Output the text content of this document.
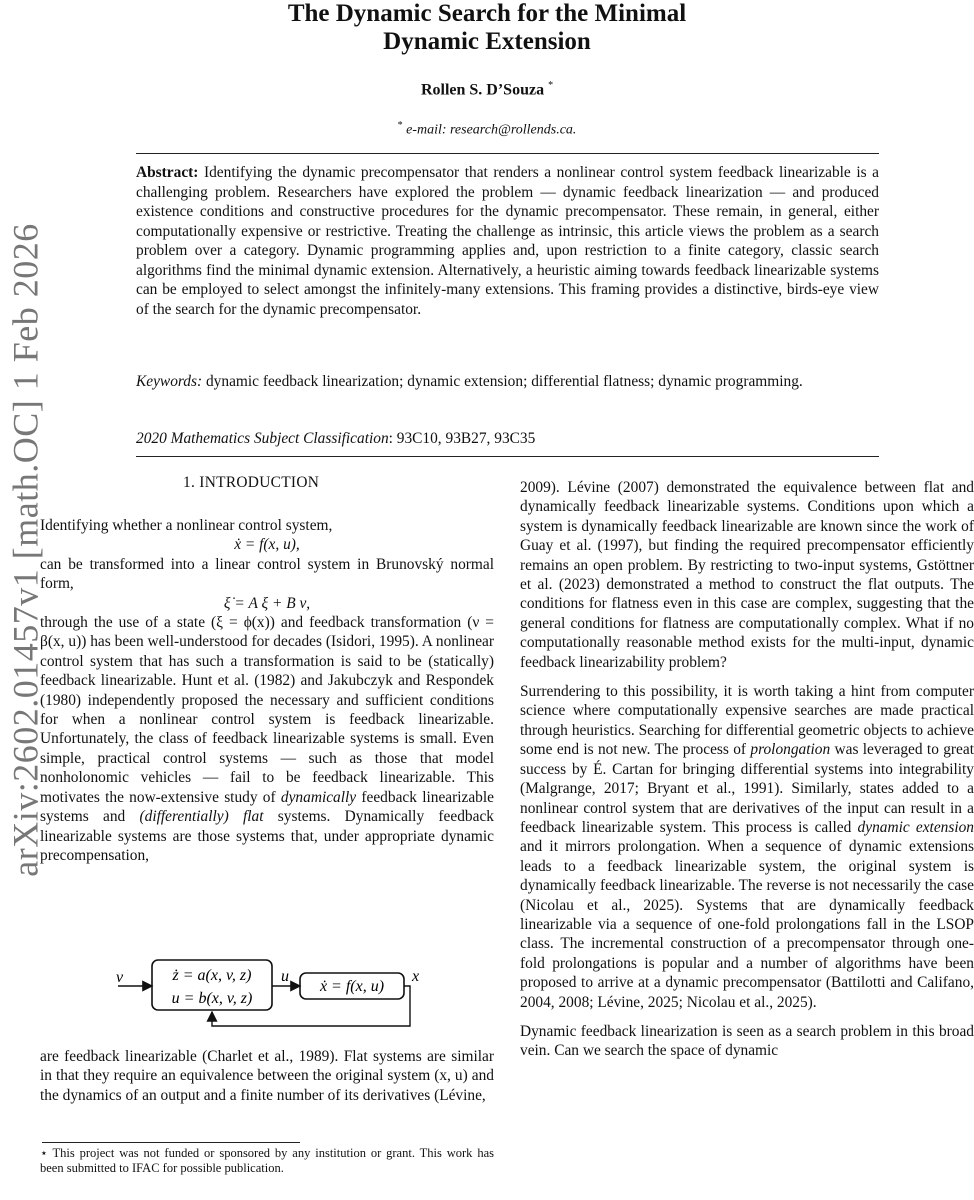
arXiv:2602.01457v1 [math.OC] 1 Feb 2026
The Dynamic Search for the Minimal
Dynamic Extension
Rollen S. D’Souza *
* e-mail: research@rollends.ca.
Abstract: Identifying the dynamic precompensator that renders a nonlinear control system feedback linearizable is a challenging problem. Researchers have explored the problem — dynamic feedback linearization — and produced existence conditions and constructive procedures for the dynamic precompensator. These remain, in general, either computationally expensive or restrictive. Treating the challenge as intrinsic, this article views the problem as a search problem over a category. Dynamic programming applies and, upon restriction to a finite category, classic search algorithms find the minimal dynamic extension. Alternatively, a heuristic aiming towards feedback linearizable systems can be employed to select amongst the infinitely-many extensions. This framing provides a distinctive, birds-eye view of the search for the dynamic precompensator.
Keywords: dynamic feedback linearization; dynamic extension; differential flatness; dynamic programming.
2020 Mathematics Subject Classification: 93C10, 93B27, 93C35
1. INTRODUCTION

Identifying whether a nonlinear control system,

ẋ = f(x, u),

can be transformed into a linear control system in Brunovský normal form,

ξ̇ = A ξ + B ν,

through the use of a state (ξ = ϕ(x)) and feedback transformation (ν = β(x, u)) has been well-understood for decades (Isidori, 1995). A nonlinear control system that has such a transformation is said to be (statically) feedback linearizable. Hunt et al. (1982) and Jakubczyk and Respondek (1980) independently proposed the necessary and sufficient conditions for when a nonlinear control system is feedback linearizable. Unfortunately, the class of feedback linearizable systems is small. Even simple, practical control systems — such as those that model nonholonomic vehicles — fail to be feedback linearizable. This motivates the now-extensive study of dynamically feedback linearizable systems and (differentially) flat systems. Dynamically feedback linearizable systems are those systems that, under appropriate dynamic precompensation,

v	ż = a(x, v, z)
u = b(x, v, z)
u
ẋ = f(x, u)
x

are feedback linearizable (Charlet et al., 1989). Flat systems are similar in that they require an equivalence between the original system (x, u) and the dynamics of an output and a finite number of its derivatives (Lévine,

⋆ This project was not funded or sponsored by any institution or grant. This work has been submitted to IFAC for possible publication.

2009). Lévine (2007) demonstrated the equivalence between flat and dynamically feedback linearizable systems. Conditions upon which a system is dynamically feedback linearizable are known since the work of Guay et al. (1997), but finding the required precompensator efficiently remains an open problem. By restricting to two-input systems, Gstöttner et al. (2023) demonstrated a method to construct the flat outputs. The conditions for flatness even in this case are complex, suggesting that the general conditions for flatness are computationally complex. What if no computationally reasonable method exists for the multi-input, dynamic feedback linearizability problem?

Surrendering to this possibility, it is worth taking a hint from computer science where computationally expensive searches are made practical through heuristics. Searching for differential geometric objects to achieve some end is not new. The process of prolongation was leveraged to great success by É. Cartan for bringing differential systems into integrability (Malgrange, 2017; Bryant et al., 1991). Similarly, states added to a nonlinear control system that are derivatives of the input can result in a feedback linearizable system. This process is called dynamic extension and it mirrors prolongation. When a sequence of dynamic extensions leads to a feedback linearizable system, the original system is dynamically feedback linearizable. The reverse is not necessarily the case (Nicolau et al., 2025). Systems that are dynamically feedback linearizable via a sequence of one-fold prolongations fall in the LSOP class. The incremental construction of a precompensator through one-fold prolongations is popular and a number of algorithms have been proposed to arrive at a dynamic precompensator (Battilotti and Califano, 2004, 2008; Lévine, 2025; Nicolau et al., 2025).

Dynamic feedback linearization is seen as a search problem in this broad vein. Can we search the space of dynamic
